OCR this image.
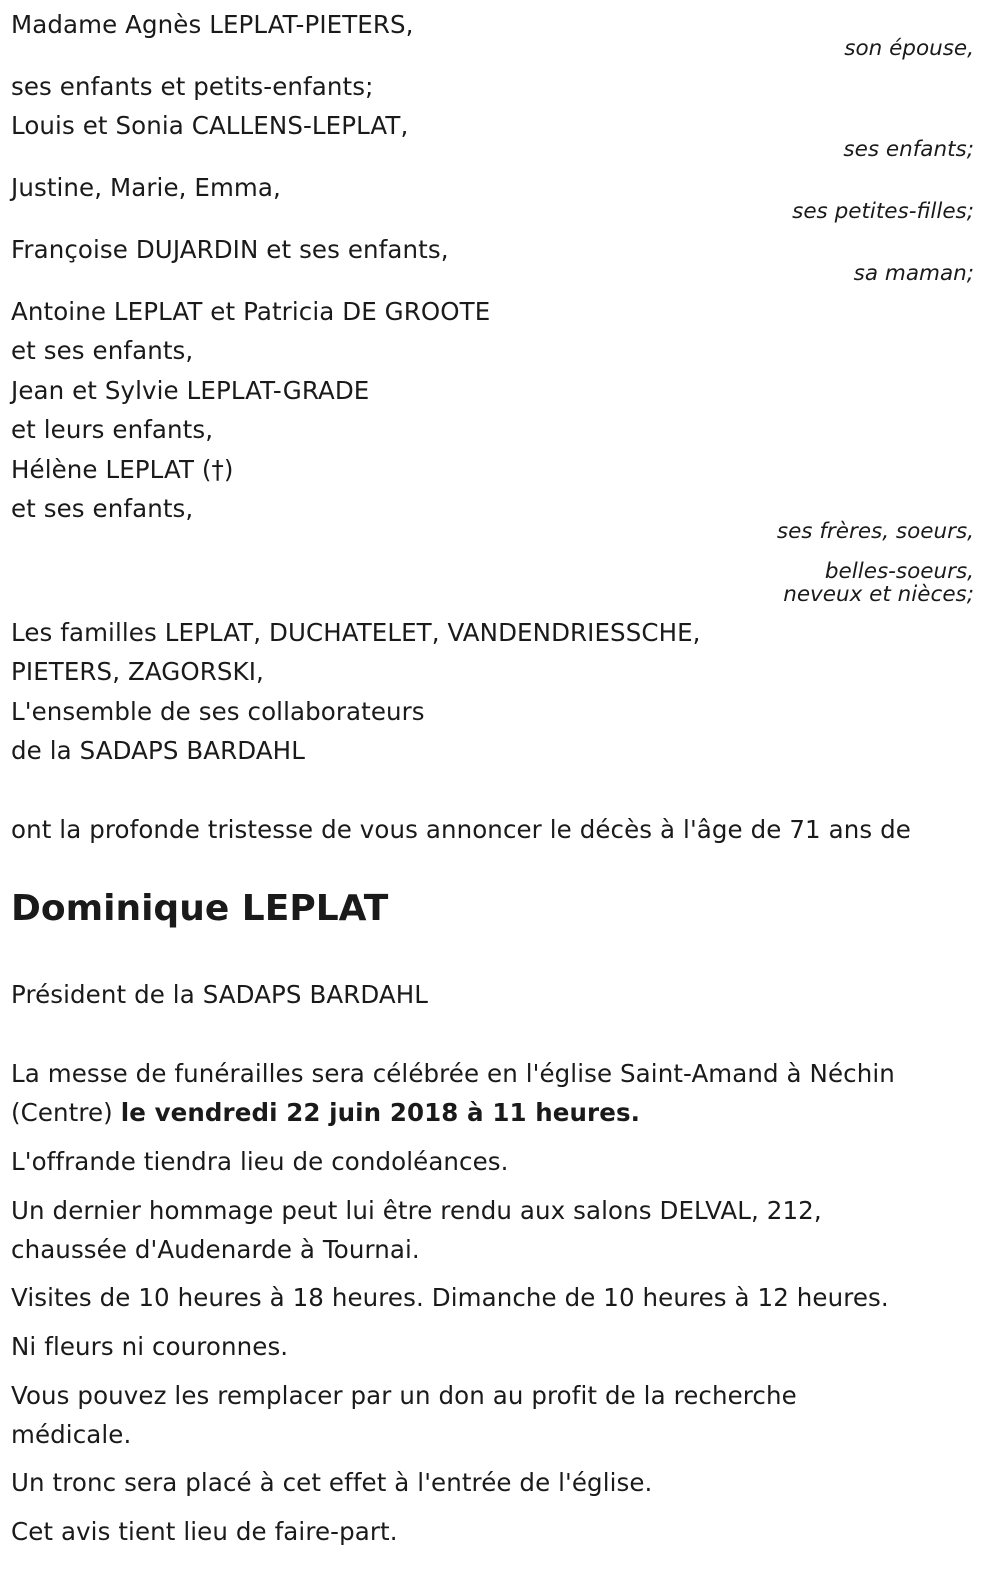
Madame Agnès LEPLAT-PIETERS,
son épouse,
ses enfants et petits-enfants;
Louis et Sonia CALLENS-LEPLAT,
ses enfants;
Justine, Marie, Emma,
ses petites-filles;
Françoise DUJARDIN et ses enfants,
sa maman;
Antoine LEPLAT et Patricia DE GROOTE
et ses enfants,
Jean et Sylvie LEPLAT-GRADE
et leurs enfants,
Hélène LEPLAT (†)
et ses enfants,
ses frères, soeurs,
belles-soeurs,
neveux et nièces;
Les familles LEPLAT, DUCHATELET, VANDENDRIESSCHE,
PIETERS, ZAGORSKI,
L'ensemble de ses collaborateurs
de la SADAPS BARDAHL
ont la profonde tristesse de vous annoncer le décès à l'âge de 71 ans de
Dominique LEPLAT
Président de la SADAPS BARDAHL
La messe de funérailles sera célébrée en l'église Saint-Amand à Néchin
(Centre) le vendredi 22 juin 2018 à 11 heures.
L'offrande tiendra lieu de condoléances.
Un dernier hommage peut lui être rendu aux salons DELVAL, 212,
chaussée d'Audenarde à Tournai.
Visites de 10 heures à 18 heures. Dimanche de 10 heures à 12 heures.
Ni fleurs ni couronnes.
Vous pouvez les remplacer par un don au profit de la recherche
médicale.
Un tronc sera placé à cet effet à l'entrée de l'église.
Cet avis tient lieu de faire-part.
